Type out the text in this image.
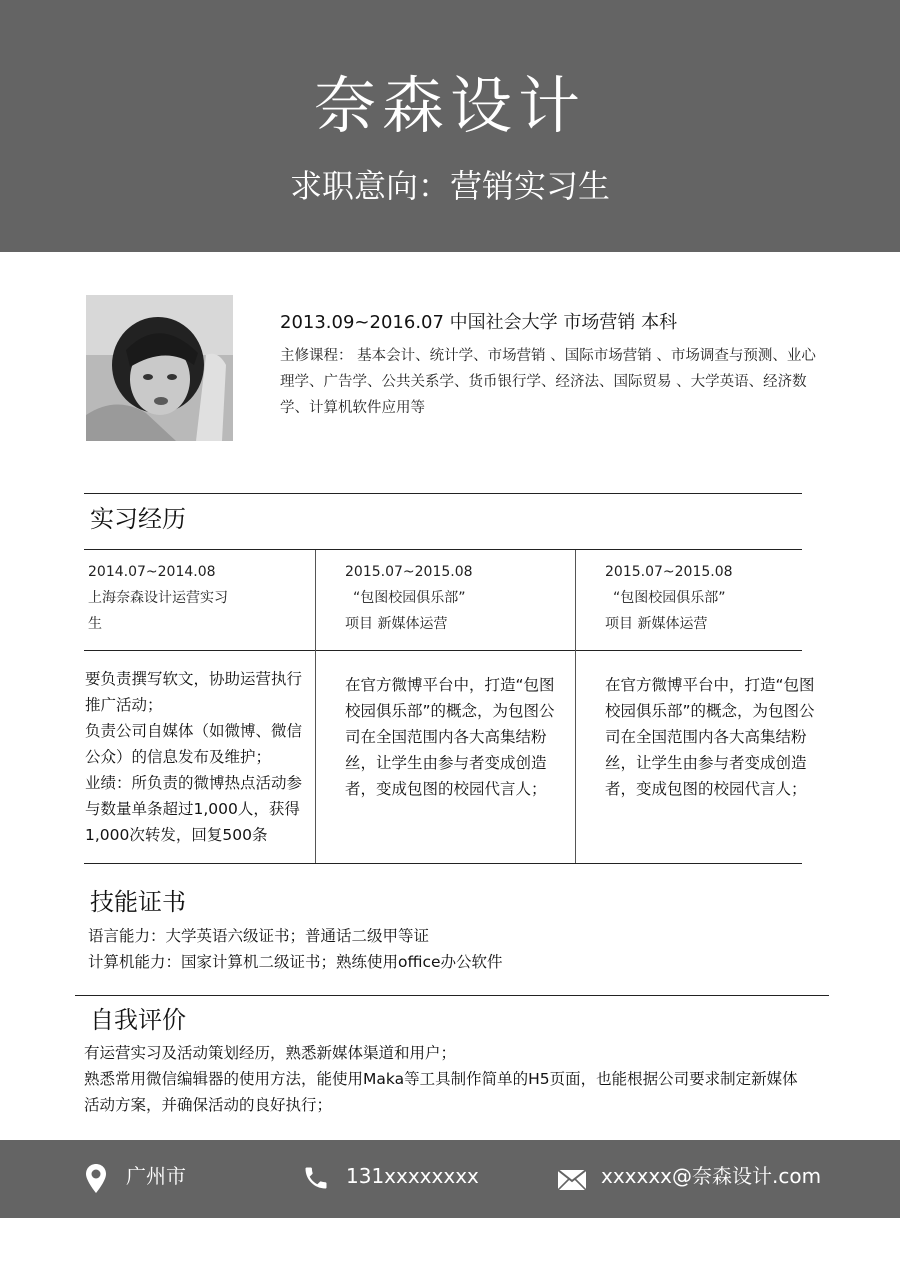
奈森设计
求职意向：营销实习生
2013.09~2016.07 中国社会大学 市场营销 本科
主修课程： 基本会计、统计学、市场营销 、国际市场营销 、市场调查与预测、业心理学、广告学、公共关系学、货币银行学、经济法、国际贸易 、大学英语、经济数学、计算机软件应用等
实习经历
2014.07~2014.08
上海奈森设计运营实习
生
要负责撰写软文，协助运营执行推广活动；
负责公司自媒体（如微博、微信公众）的信息发布及维护；
业绩：所负责的微博热点活动参与数量单条超过1,000人，获得1,000次转发，回复500条
2015.07~2015.08
“包图校园俱乐部”
项目 新媒体运营
在官方微博平台中，打造“包图校园俱乐部”的概念，为包图公司在全国范围内各大高集结粉丝，让学生由参与者变成创造者，变成包图的校园代言人；
2015.07~2015.08
“包图校园俱乐部”
项目 新媒体运营
在官方微博平台中，打造“包图校园俱乐部”的概念，为包图公司在全国范围内各大高集结粉丝，让学生由参与者变成创造者，变成包图的校园代言人；
技能证书
语言能力：大学英语六级证书；普通话二级甲等证
计算机能力：国家计算机二级证书；熟练使用office办公软件
自我评价
有运营实习及活动策划经历，熟悉新媒体渠道和用户；
熟悉常用微信编辑器的使用方法，能使用Maka等工具制作简单的H5页面，也能根据公司要求制定新媒体活动方案，并确保活动的良好执行；
广州市	131xxxxxxxx	xxxxxx@奈森设计.com
